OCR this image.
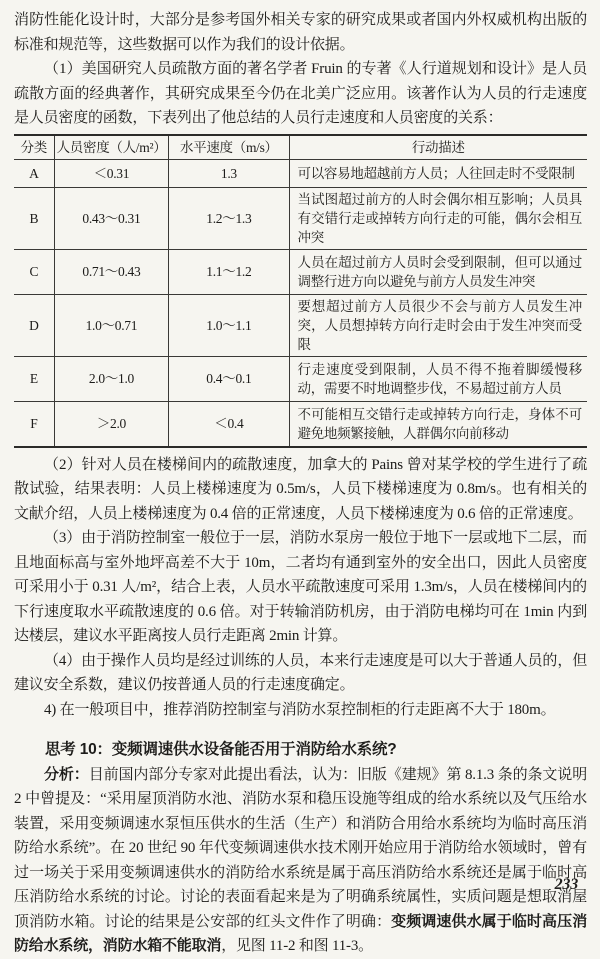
消防性能化设计时，大部分是参考国外相关专家的研究成果或者国内外权威机构出版的标准和规范等，这些数据可以作为我们的设计依据。

（1）美国研究人员疏散方面的著名学者 Fruin 的专著《人行道规划和设计》是人员疏散方面的经典著作，其研究成果至今仍在北美广泛应用。该著作认为人员的行走速度是人员密度的函数，下表列出了他总结的人员行走速度和人员密度的关系：

分类	人员密度（人/m²）	水平速度（m/s）	行动描述
A	＜0.31	1.3	可以容易地超越前方人员；人往回走时不受限制
B	0.43～0.31	1.2～1.3	当试图超过前方的人时会偶尔相互影响；人员具有交错行走或掉转方向行走的可能，偶尔会相互冲突
C	0.71～0.43	1.1～1.2	人员在超过前方人员时会受到限制，但可以通过调整行进方向以避免与前方人员发生冲突
D	1.0～0.71	1.0～1.1	要想超过前方人员很少不会与前方人员发生冲突，人员想掉转方向行走时会由于发生冲突而受限
E	2.0～1.0	0.4～0.1	行走速度受到限制，人员不得不拖着脚缓慢移动，需要不时地调整步伐，不易超过前方人员
F	＞2.0	＜0.4	不可能相互交错行走或掉转方向行走，身体不可避免地频繁接触，人群偶尔向前移动

（2）针对人员在楼梯间内的疏散速度，加拿大的 Pains 曾对某学校的学生进行了疏散试验，结果表明：人员上楼梯速度为 0.5m/s，人员下楼梯速度为 0.8m/s。也有相关的文献介绍，人员上楼梯速度为 0.4 倍的正常速度，人员下楼梯速度为 0.6 倍的正常速度。

（3）由于消防控制室一般位于一层，消防水泵房一般位于地下一层或地下二层，而且地面标高与室外地坪高差不大于 10m，二者均有通到室外的安全出口，因此人员密度可采用小于 0.31 人/m²，结合上表，人员水平疏散速度可采用 1.3m/s，人员在楼梯间内的下行速度取水平疏散速度的 0.6 倍。对于转输消防机房，由于消防电梯均可在 1min 内到达楼层，建议水平距离按人员行走距离 2min 计算。

（4）由于操作人员均是经过训练的人员，本来行走速度是可以大于普通人员的，但建议安全系数，建议仍按普通人员的行走速度确定。

4) 在一般项目中，推荐消防控制室与消防水泵控制柜的行走距离不大于 180m。

思考 10：变频调速供水设备能否用于消防给水系统?

分析：目前国内部分专家对此提出看法，认为：旧版《建规》第 8.1.3 条的条文说明 2 中曾提及：“采用屋顶消防水池、消防水泵和稳压设施等组成的给水系统以及气压给水装置，采用变频调速水泵恒压供水的生活（生产）和消防合用给水系统均为临时高压消防给水系统”。在 20 世纪 90 年代变频调速供水技术刚开始应用于消防给水领域时，曾有过一场关于采用变频调速供水的消防给水系统是属于高压消防给水系统还是属于临时高压消防给水系统的讨论。讨论的表面看起来是为了明确系统属性，实质问题是想取消屋顶消防水箱。讨论的结果是公安部的红头文件作了明确：变频调速供水属于临时高压消防给水系统，消防水箱不能取消，见图 11-2 和图 11-3。

233
